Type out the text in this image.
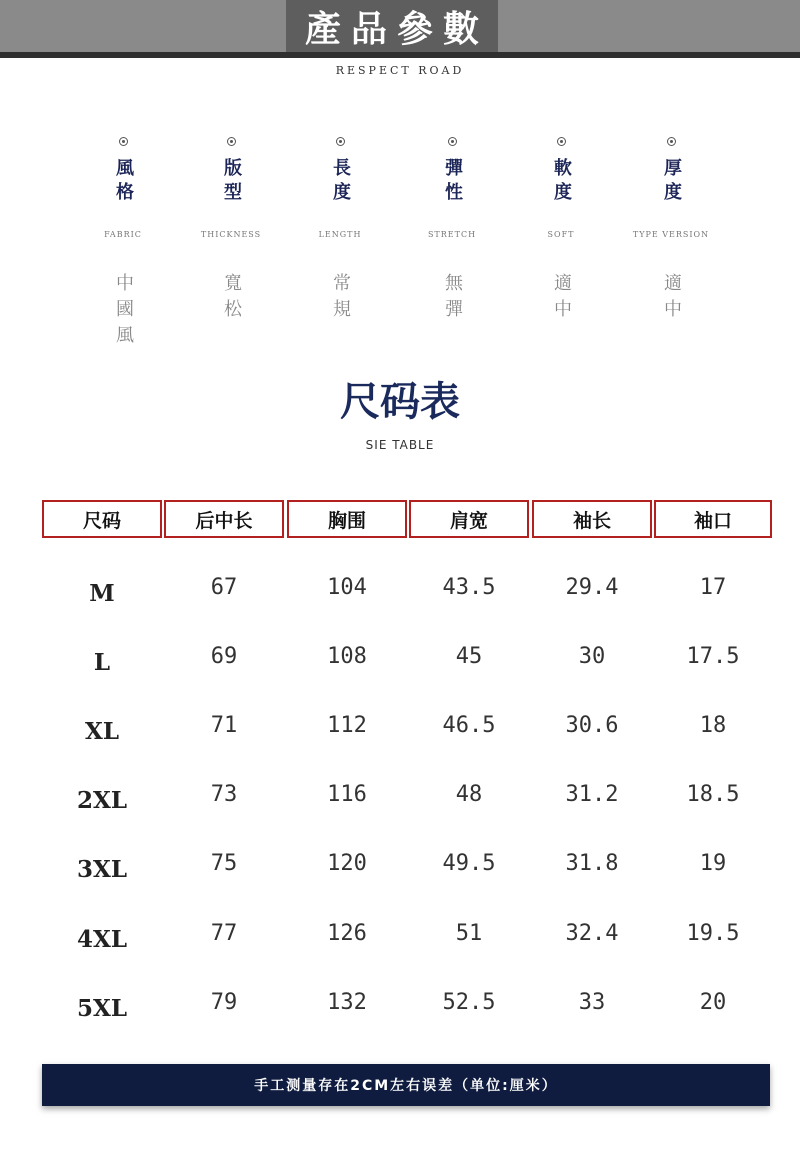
產品參數
RESPECT ROAD
風格
FABRIC
中國風
版型
THICKNESS
寬松
長度
LENGTH
常規
彈性
STRETCH
無彈
軟度
SOFT
適中
厚度
TYPE VERSION
適中
尺码表
SIE TABLE
尺码	后中长	胸围	肩宽	袖长	袖口
M	67	104	43.5	29.4	17
L	69	108	45	30	17.5
XL	71	112	46.5	30.6	18
2XL	73	116	48	31.2	18.5
3XL	75	120	49.5	31.8	19
4XL	77	126	51	32.4	19.5
5XL	79	132	52.5	33	20
手工测量存在2CM左右误差（单位:厘米）
